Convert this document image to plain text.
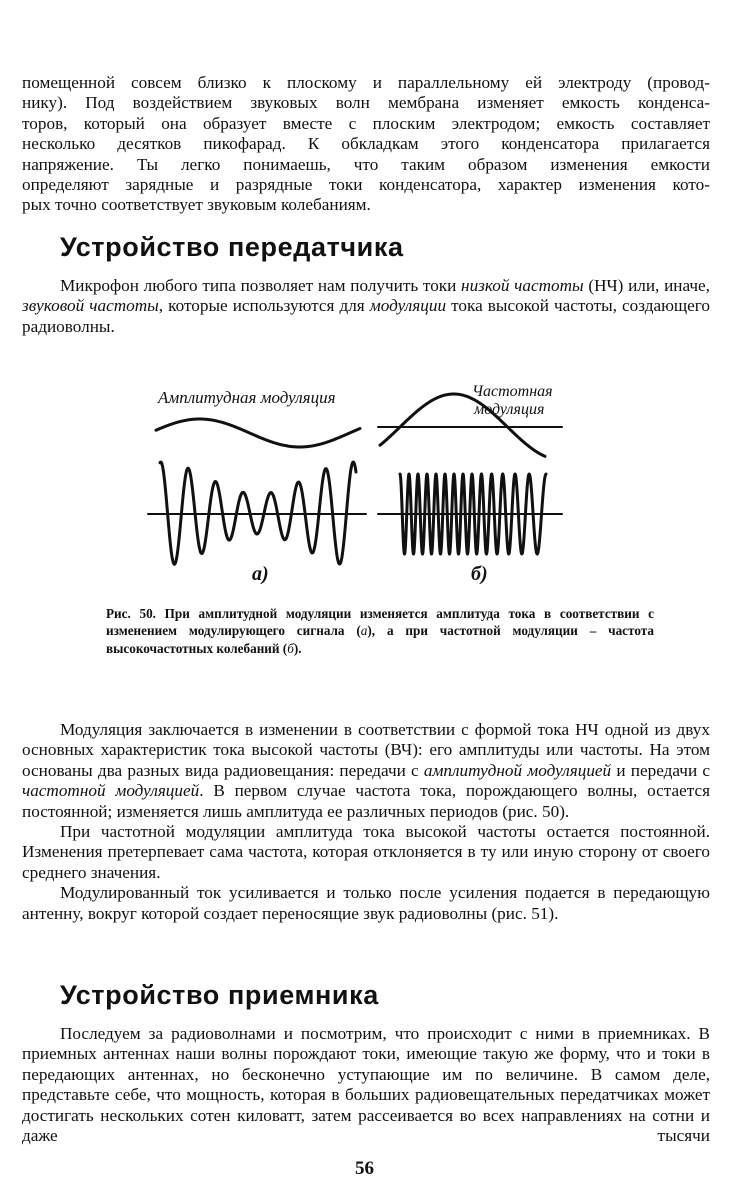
помещенной совсем близко к плоскому и параллельному ей электроду (провод-

нику). Под воздействием звуковых волн мембрана изменяет емкость конденса-

торов, который она образует вместе с плоским электродом; емкость составляет

несколько десятков пикофарад. К обкладкам этого конденсатора прилагается

напряжение. Ты легко понимаешь, что таким образом изменения емкости

определяют зарядные и разрядные токи конденсатора, характер изменения кото-

рых точно соответствует звуковым колебаниям.

Устройство передатчика

Микрофон любого типа позволяет нам получить токи низкой частоты (НЧ) или, иначе, звуковой частоты, которые используются для модуляции тока высокой частоты, создающего радиоволны.

Амплитудная модуляция	Частотная
модуляция
а)	б)

Рис. 50. При амплитудной модуляции изменяется амплитуда тока в соответствии с изменением модулирующего сигнала (а), а при частотной модуляции – частота высокочастотных колебаний (б).

Модуляция заключается в изменении в соответствии с формой тока НЧ одной из двух основных характеристик тока высокой частоты (ВЧ): его амплитуды или частоты. На этом основаны два разных вида радиовещания: передачи с амплитудной модуляцией и передачи с частотной модуляцией. В первом случае частота тока, порождающего волны, остается постоянной; изменяется лишь амплитуда ее различных периодов (рис. 50).

При частотной модуляции амплитуда тока высокой частоты остается постоянной. Изменения претерпевает сама частота, которая отклоняется в ту или иную сторону от своего среднего значения.

Модулированный ток усиливается и только после усиления подается в передающую антенну, вокруг которой создает переносящие звук радиоволны (рис. 51).

Устройство приемника

Последуем за радиоволнами и посмотрим, что происходит с ними в приемниках. В приемных антеннах наши волны порождают токи, имеющие такую же форму, что и токи в передающих антеннах, но бесконечно уступающие им по величине. В самом деле, представьте себе, что мощность, которая в больших радиовещательных передатчиках может достигать нескольких сотен киловатт, затем рассеивается во всех направлениях на сотни и даже тысячи

56
